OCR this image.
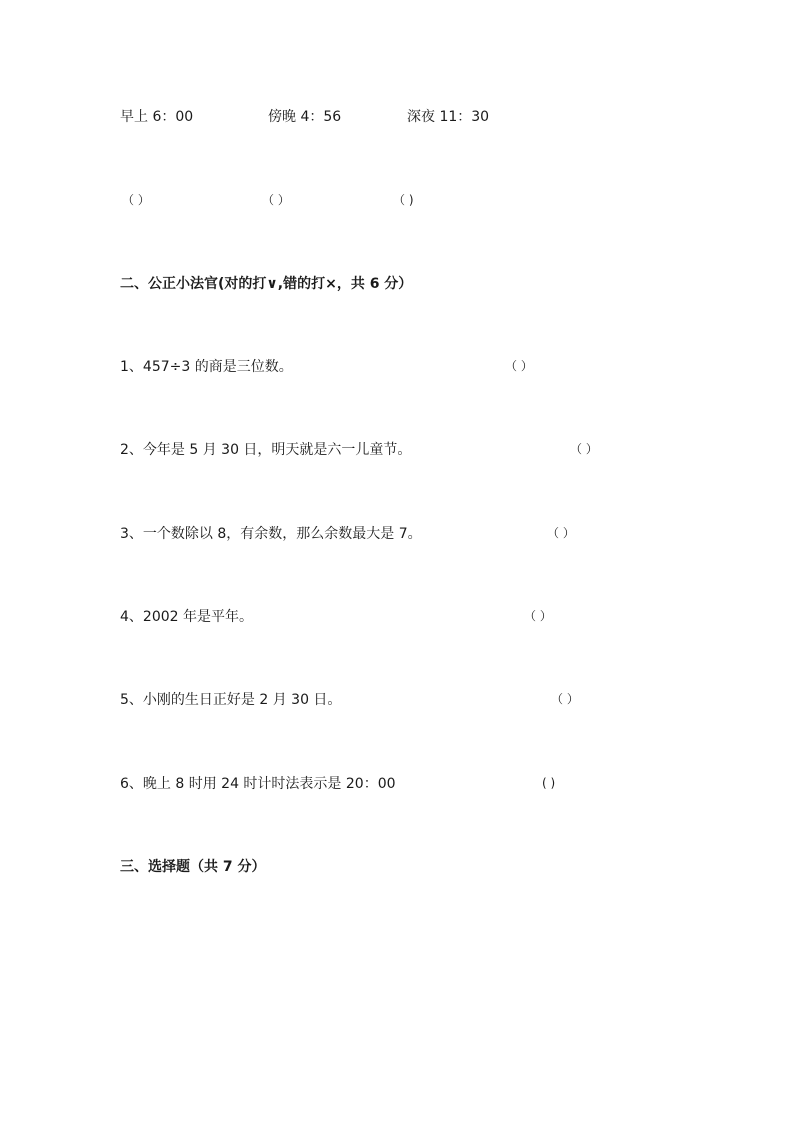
早上 6：00	傍晚 4：56	深夜 11：30
（ ）	（ ）	（ )
二、公正小法官(对的打∨,错的打×，共 6 分）
1、457÷3 的商是三位数。	（ ）
2、今年是 5 月 30 日，明天就是六一儿童节。	（ ）
3、一个数除以 8，有余数，那么余数最大是 7。	（ ）
4、2002 年是平年。	（ ）
5、小刚的生日正好是 2 月 30 日。	（ ）
6、晚上 8 时用 24 时计时法表示是 20：00	( )
三、选择题（共 7 分）
